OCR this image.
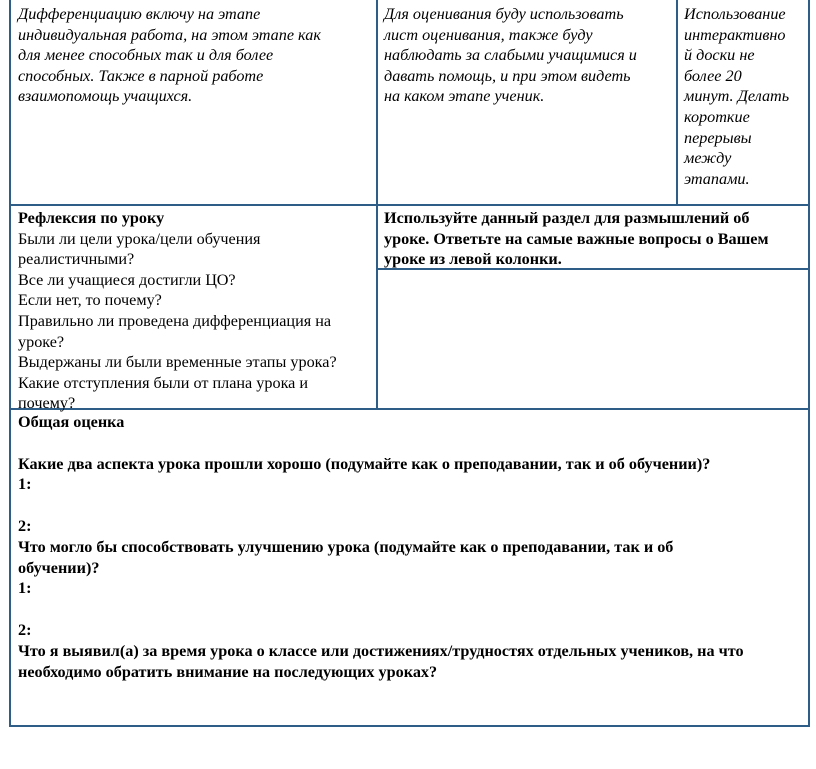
Дифференциацию включу на этапе
индивидуальная работа, на этом этапе как
для менее способных так и для более
способных. Также в парной работе
взаимопомощь учащихся.
Для оценивания буду использовать
лист оценивания, также буду
наблюдать за слабыми учащимися и
давать помощь, и при этом видеть
на каком этапе ученик.
Использование
интерактивно
й доски не
более 20
минут. Делать
короткие
перерывы
между
этапами.
Рефлексия по уроку
Были ли цели урока/цели обучения
реалистичными?
Все ли учащиеся достигли ЦО?
Если нет, то почему?
Правильно ли проведена дифференциация на
уроке?
Выдержаны ли были временные этапы урока?
Какие отступления были от плана урока и
почему?
Используйте данный раздел для размышлений об
уроке. Ответьте на самые важные вопросы о Вашем
уроке из левой колонки.
Общая оценка
Какие два аспекта урока прошли хорошо (подумайте как о преподавании, так и об обучении)?
1:
2:
Что могло бы способствовать улучшению урока (подумайте как о преподавании, так и об
обучении)?
1:
2:
Что я выявил(а) за время урока о классе или достижениях/трудностях отдельных учеников, на что
необходимо обратить внимание на последующих уроках?
